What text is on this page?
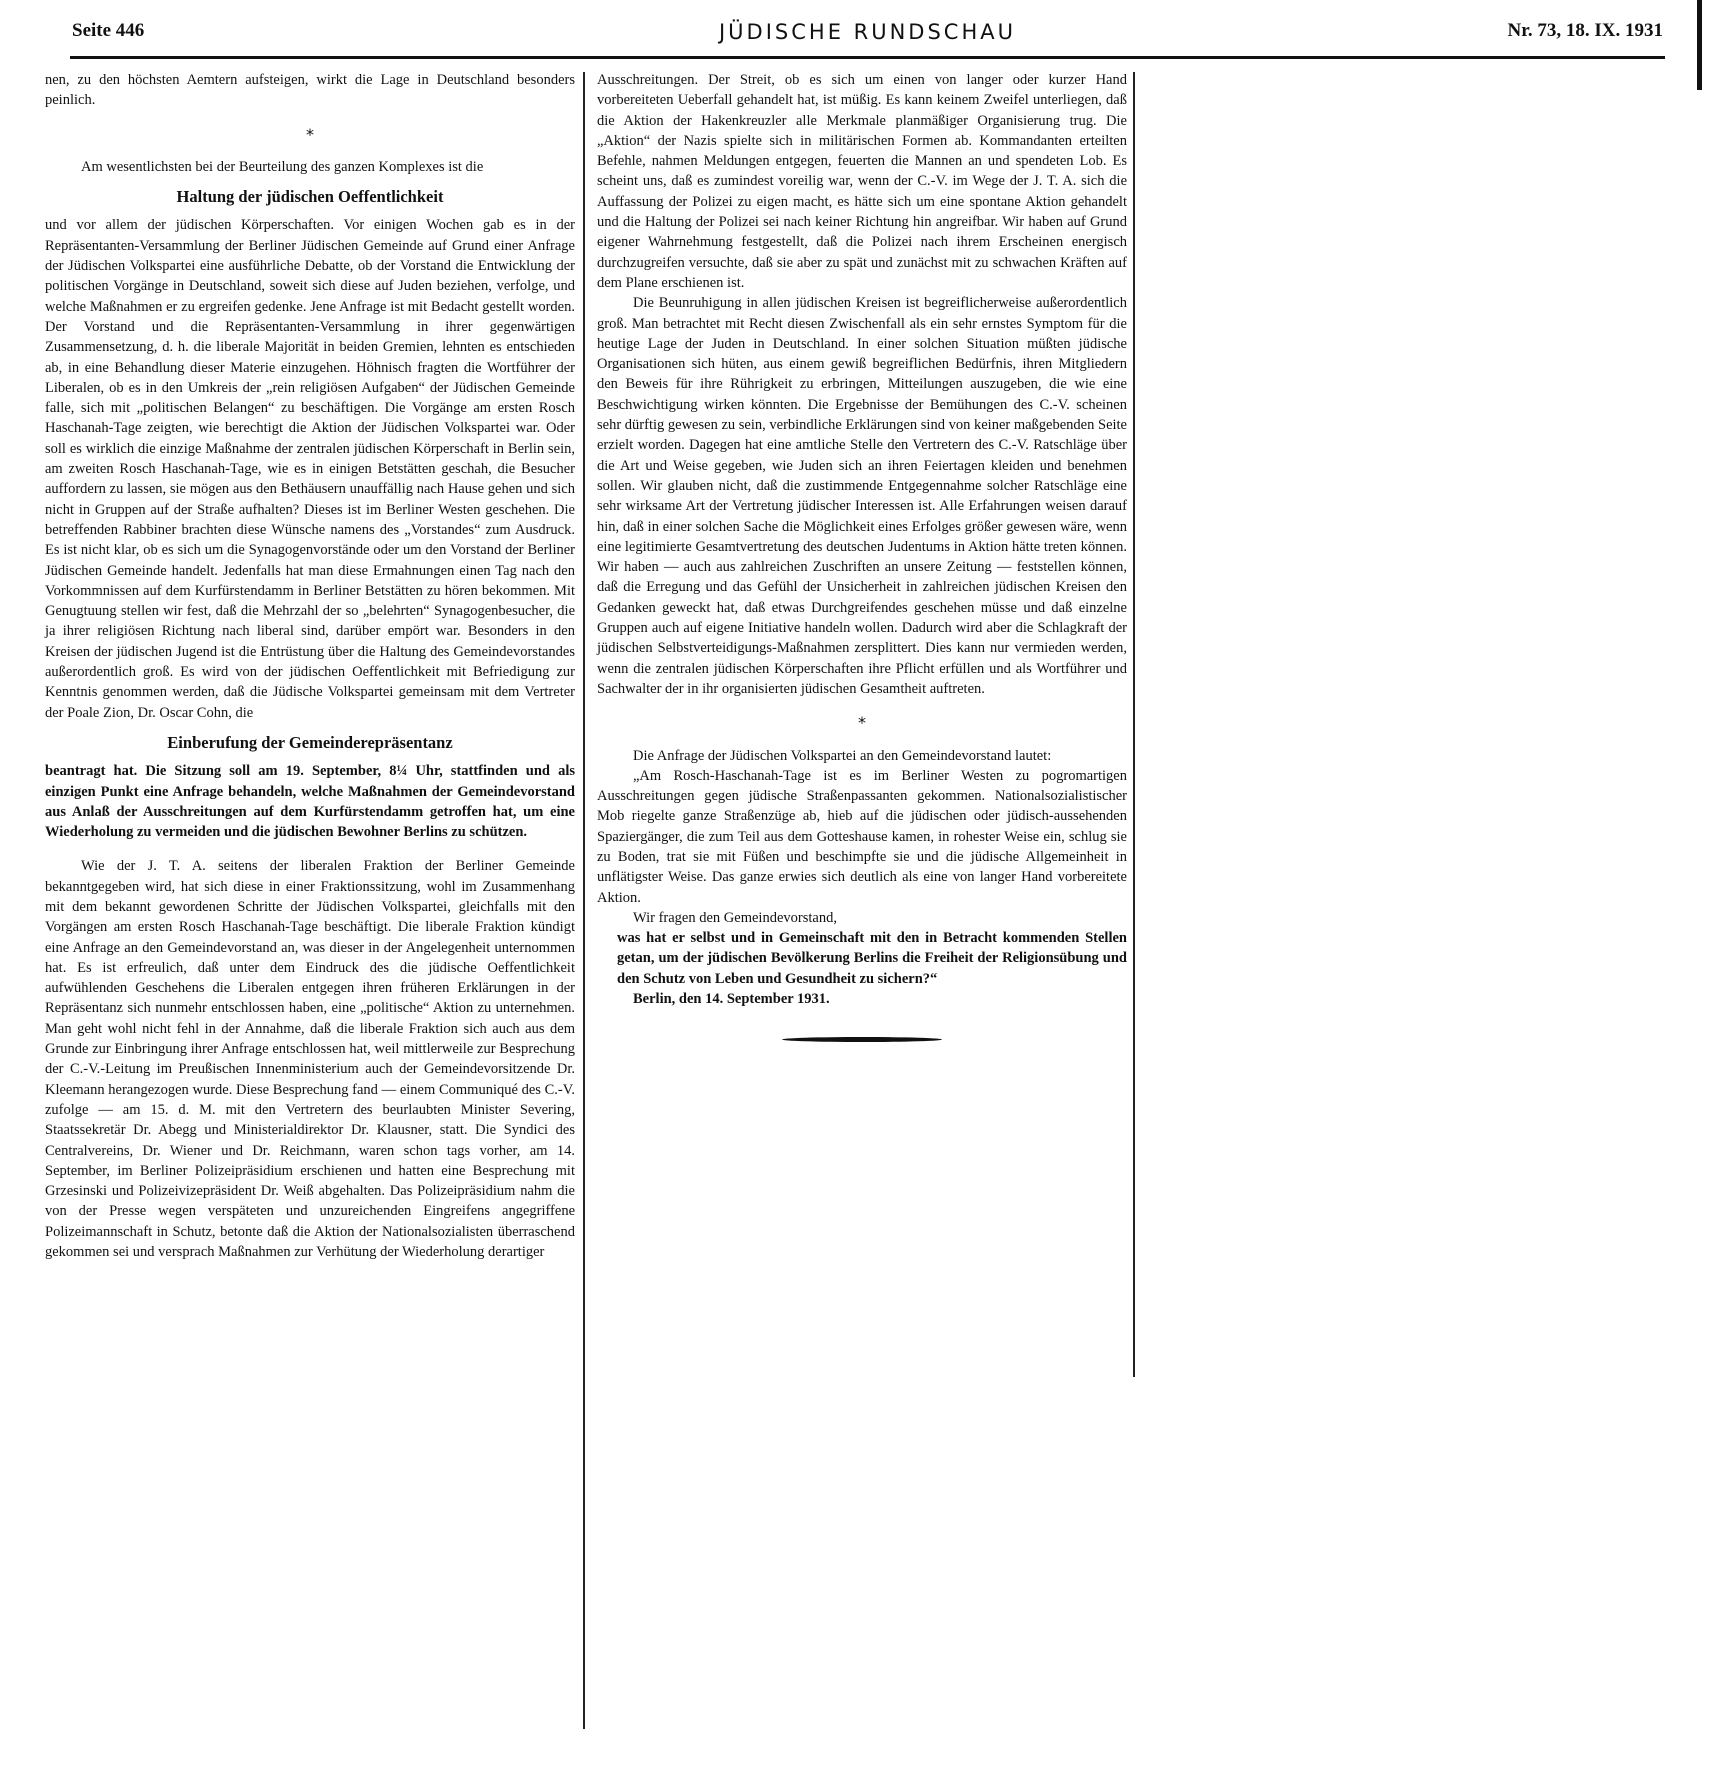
Seite 446	JÜDISCHE RUNDSCHAU	Nr. 73, 18. IX. 1931

nen, zu den höchsten Aemtern aufsteigen, wirkt die Lage in Deutschland besonders peinlich.

*

Am wesentlichsten bei der Beurteilung des ganzen Komplexes ist die

Haltung der jüdischen Oeffentlichkeit

und vor allem der jüdischen Körperschaften. Vor einigen Wochen gab es in der Repräsentanten-Versammlung der Berliner Jüdischen Gemeinde auf Grund einer Anfrage der Jüdischen Volkspartei eine ausführliche Debatte, ob der Vorstand die Entwicklung der politischen Vorgänge in Deutschland, soweit sich diese auf Juden beziehen, verfolge, und welche Maßnahmen er zu ergreifen gedenke. Jene Anfrage ist mit Bedacht gestellt worden. Der Vorstand und die Repräsentanten-Versammlung in ihrer gegenwärtigen Zusammensetzung, d. h. die liberale Majorität in beiden Gremien, lehnten es entschieden ab, in eine Behandlung dieser Materie einzugehen. Höhnisch fragten die Wortführer der Liberalen, ob es in den Umkreis der „rein religiösen Aufgaben“ der Jüdischen Gemeinde falle, sich mit „politischen Belangen“ zu beschäftigen. Die Vorgänge am ersten Rosch Haschanah-Tage zeigten, wie berechtigt die Aktion der Jüdischen Volkspartei war. Oder soll es wirklich die einzige Maßnahme der zentralen jüdischen Körperschaft in Berlin sein, am zweiten Rosch Haschanah-Tage, wie es in einigen Betstätten geschah, die Besucher auffordern zu lassen, sie mögen aus den Bethäusern unauffällig nach Hause gehen und sich nicht in Gruppen auf der Straße aufhalten? Dieses ist im Berliner Westen geschehen. Die betreffenden Rabbiner brachten diese Wünsche namens des „Vorstandes“ zum Ausdruck. Es ist nicht klar, ob es sich um die Synagogenvorstände oder um den Vorstand der Berliner Jüdischen Gemeinde handelt. Jedenfalls hat man diese Ermahnungen einen Tag nach den Vorkommnissen auf dem Kurfürstendamm in Berliner Betstätten zu hören bekommen. Mit Genugtuung stellen wir fest, daß die Mehrzahl der so „belehrten“ Synagogenbesucher, die ja ihrer religiösen Richtung nach liberal sind, darüber empört war. Besonders in den Kreisen der jüdischen Jugend ist die Entrüstung über die Haltung des Gemeindevorstandes außerordentlich groß. Es wird von der jüdischen Oeffentlichkeit mit Befriedigung zur Kenntnis genommen werden, daß die Jüdische Volkspartei gemeinsam mit dem Vertreter der Poale Zion, Dr. Oscar Cohn, die

Einberufung der Gemeinderepräsentanz

beantragt hat. Die Sitzung soll am 19. September, 8¼ Uhr, stattfinden und als einzigen Punkt eine Anfrage behandeln, welche Maßnahmen der Gemeindevorstand aus Anlaß der Ausschreitungen auf dem Kurfürstendamm getroffen hat, um eine Wiederholung zu vermeiden und die jüdischen Bewohner Berlins zu schützen.

Wie der J. T. A. seitens der liberalen Fraktion der Berliner Gemeinde bekanntgegeben wird, hat sich diese in einer Fraktionssitzung, wohl im Zusammenhang mit dem bekannt gewordenen Schritte der Jüdischen Volkspartei, gleichfalls mit den Vorgängen am ersten Rosch Haschanah-Tage beschäftigt. Die liberale Fraktion kündigt eine Anfrage an den Gemeindevorstand an, was dieser in der Angelegenheit unternommen hat. Es ist erfreulich, daß unter dem Eindruck des die jüdische Oeffentlichkeit aufwühlenden Geschehens die Liberalen entgegen ihren früheren Erklärungen in der Repräsentanz sich nunmehr entschlossen haben, eine „politische“ Aktion zu unternehmen. Man geht wohl nicht fehl in der Annahme, daß die liberale Fraktion sich auch aus dem Grunde zur Einbringung ihrer Anfrage entschlossen hat, weil mittlerweile zur Besprechung der C.-V.-Leitung im Preußischen Innenministerium auch der Gemeindevorsitzende Dr. Kleemann herangezogen wurde. Diese Besprechung fand — einem Communiqué des C.-V. zufolge — am 15. d. M. mit den Vertretern des beurlaubten Minister Severing, Staatssekretär Dr. Abegg und Ministerialdirektor Dr. Klausner, statt. Die Syndici des Centralvereins, Dr. Wiener und Dr. Reichmann, waren schon tags vorher, am 14. September, im Berliner Polizeipräsidium erschienen und hatten eine Besprechung mit Grzesinski und Polizeivizepräsident Dr. Weiß abgehalten. Das Polizeipräsidium nahm die von der Presse wegen verspäteten und unzureichenden Eingreifens angegriffene Polizeimannschaft in Schutz, betonte daß die Aktion der Nationalsozialisten überraschend gekommen sei und versprach Maßnahmen zur Verhütung der Wiederholung derartiger

Ausschreitungen. Der Streit, ob es sich um einen von langer oder kurzer Hand vorbereiteten Ueberfall gehandelt hat, ist müßig. Es kann keinem Zweifel unterliegen, daß die Aktion der Hakenkreuzler alle Merkmale planmäßiger Organisierung trug. Die „Aktion“ der Nazis spielte sich in militärischen Formen ab. Kommandanten erteilten Befehle, nahmen Meldungen entgegen, feuerten die Mannen an und spendeten Lob. Es scheint uns, daß es zumindest voreilig war, wenn der C.-V. im Wege der J. T. A. sich die Auffassung der Polizei zu eigen macht, es hätte sich um eine spontane Aktion gehandelt und die Haltung der Polizei sei nach keiner Richtung hin angreifbar. Wir haben auf Grund eigener Wahrnehmung festgestellt, daß die Polizei nach ihrem Erscheinen energisch durchzugreifen versuchte, daß sie aber zu spät und zunächst mit zu schwachen Kräften auf dem Plane erschienen ist.

Die Beunruhigung in allen jüdischen Kreisen ist begreiflicherweise außerordentlich groß. Man betrachtet mit Recht diesen Zwischenfall als ein sehr ernstes Symptom für die heutige Lage der Juden in Deutschland. In einer solchen Situation müßten jüdische Organisationen sich hüten, aus einem gewiß begreiflichen Bedürfnis, ihren Mitgliedern den Beweis für ihre Rührigkeit zu erbringen, Mitteilungen auszugeben, die wie eine Beschwichtigung wirken könnten. Die Ergebnisse der Bemühungen des C.-V. scheinen sehr dürftig gewesen zu sein, verbindliche Erklärungen sind von keiner maßgebenden Seite erzielt worden. Dagegen hat eine amtliche Stelle den Vertretern des C.-V. Ratschläge über die Art und Weise gegeben, wie Juden sich an ihren Feiertagen kleiden und benehmen sollen. Wir glauben nicht, daß die zustimmende Entgegennahme solcher Ratschläge eine sehr wirksame Art der Vertretung jüdischer Interessen ist. Alle Erfahrungen weisen darauf hin, daß in einer solchen Sache die Möglichkeit eines Erfolges größer gewesen wäre, wenn eine legitimierte Gesamtvertretung des deutschen Judentums in Aktion hätte treten können. Wir haben — auch aus zahlreichen Zuschriften an unsere Zeitung — feststellen können, daß die Erregung und das Gefühl der Unsicherheit in zahlreichen jüdischen Kreisen den Gedanken geweckt hat, daß etwas Durchgreifendes geschehen müsse und daß einzelne Gruppen auch auf eigene Initiative handeln wollen. Dadurch wird aber die Schlagkraft der jüdischen Selbstverteidigungs-Maßnahmen zersplittert. Dies kann nur vermieden werden, wenn die zentralen jüdischen Körperschaften ihre Pflicht erfüllen und als Wortführer und Sachwalter der in ihr organisierten jüdischen Gesamtheit auftreten.

*

Die Anfrage der Jüdischen Volkspartei an den Gemeindevorstand lautet:

„Am Rosch-Haschanah-Tage ist es im Berliner Westen zu pogromartigen Ausschreitungen gegen jüdische Straßenpassanten gekommen. Nationalsozialistischer Mob riegelte ganze Straßenzüge ab, hieb auf die jüdischen oder jüdisch-aussehenden Spaziergänger, die zum Teil aus dem Gotteshause kamen, in rohester Weise ein, schlug sie zu Boden, trat sie mit Füßen und beschimpfte sie und die jüdische Allgemeinheit in unflätigster Weise. Das ganze erwies sich deutlich als eine von langer Hand vorbereitete Aktion.

Wir fragen den Gemeindevorstand,

was hat er selbst und in Gemeinschaft mit den in Betracht kommenden Stellen getan, um der jüdischen Bevölkerung Berlins die Freiheit der Religionsübung und den Schutz von Leben und Gesundheit zu sichern?“

Berlin, den 14. September 1931.
